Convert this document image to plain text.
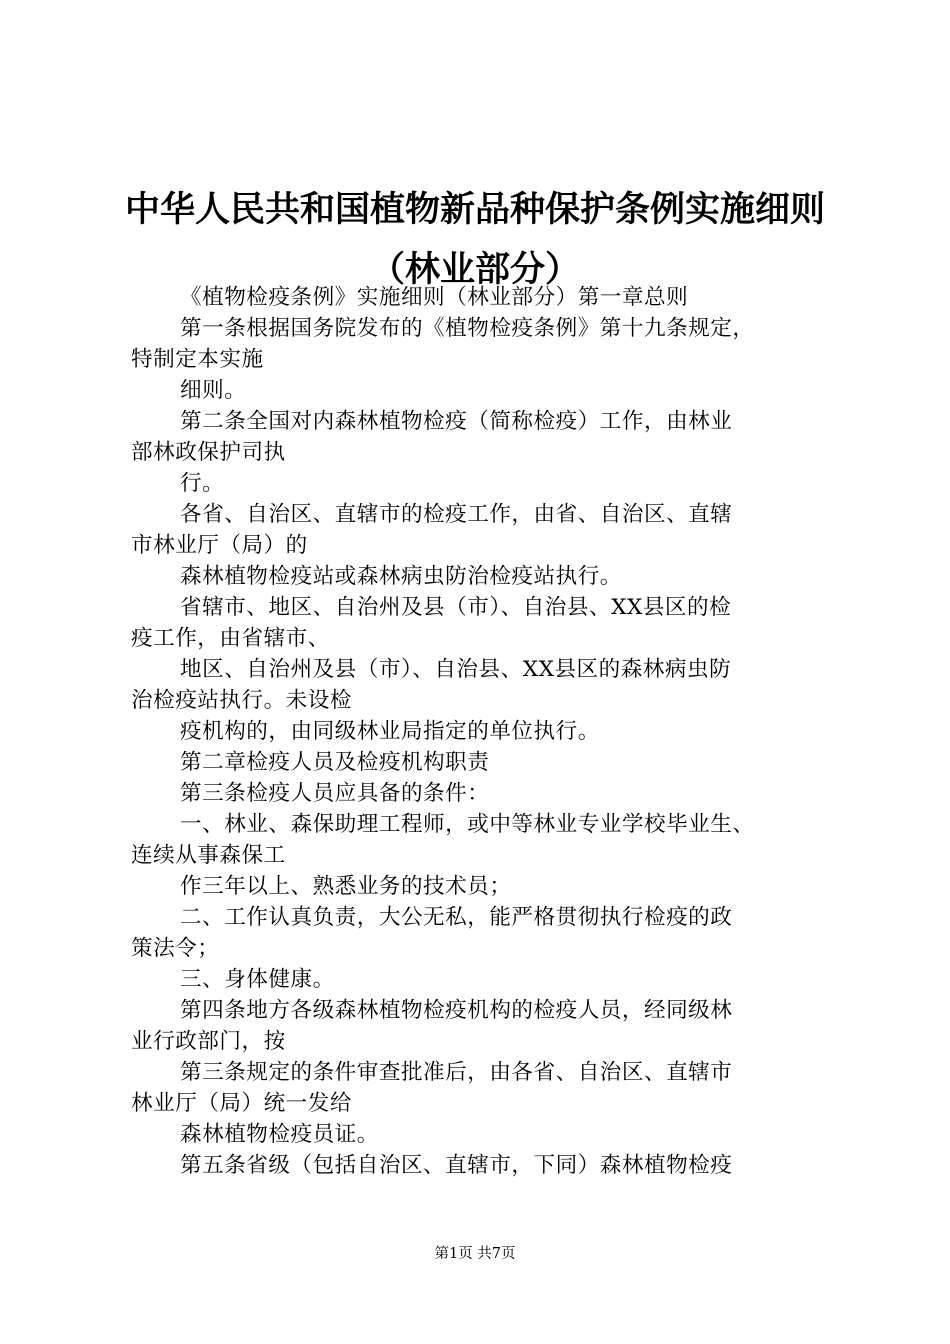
中华人民共和国植物新品种保护条例实施细则
（林业部分）

《植物检疫条例》实施细则（林业部分）第一章总则

第一条根据国务院发布的《植物检疫条例》第十九条规定，

特制定本实施

细则。

第二条全国对内森林植物检疫（简称检疫）工作，由林业

部林政保护司执

行。

各省、自治区、直辖市的检疫工作，由省、自治区、直辖

市林业厅（局）的

森林植物检疫站或森林病虫防治检疫站执行。

省辖市、地区、自治州及县（市）、自治县、XX县区的检

疫工作，由省辖市、

地区、自治州及县（市）、自治县、XX县区的森林病虫防

治检疫站执行。未设检

疫机构的，由同级林业局指定的单位执行。

第二章检疫人员及检疫机构职责

第三条检疫人员应具备的条件：

一、林业、森保助理工程师，或中等林业专业学校毕业生、

连续从事森保工

作三年以上、熟悉业务的技术员；

二、工作认真负责，大公无私，能严格贯彻执行检疫的政

策法令；

三、身体健康。

第四条地方各级森林植物检疫机构的检疫人员，经同级林

业行政部门，按

第三条规定的条件审查批准后，由各省、自治区、直辖市

林业厅（局）统一发给

森林植物检疫员证。

第五条省级（包括自治区、直辖市，下同）森林植物检疫

第1页 共7页
